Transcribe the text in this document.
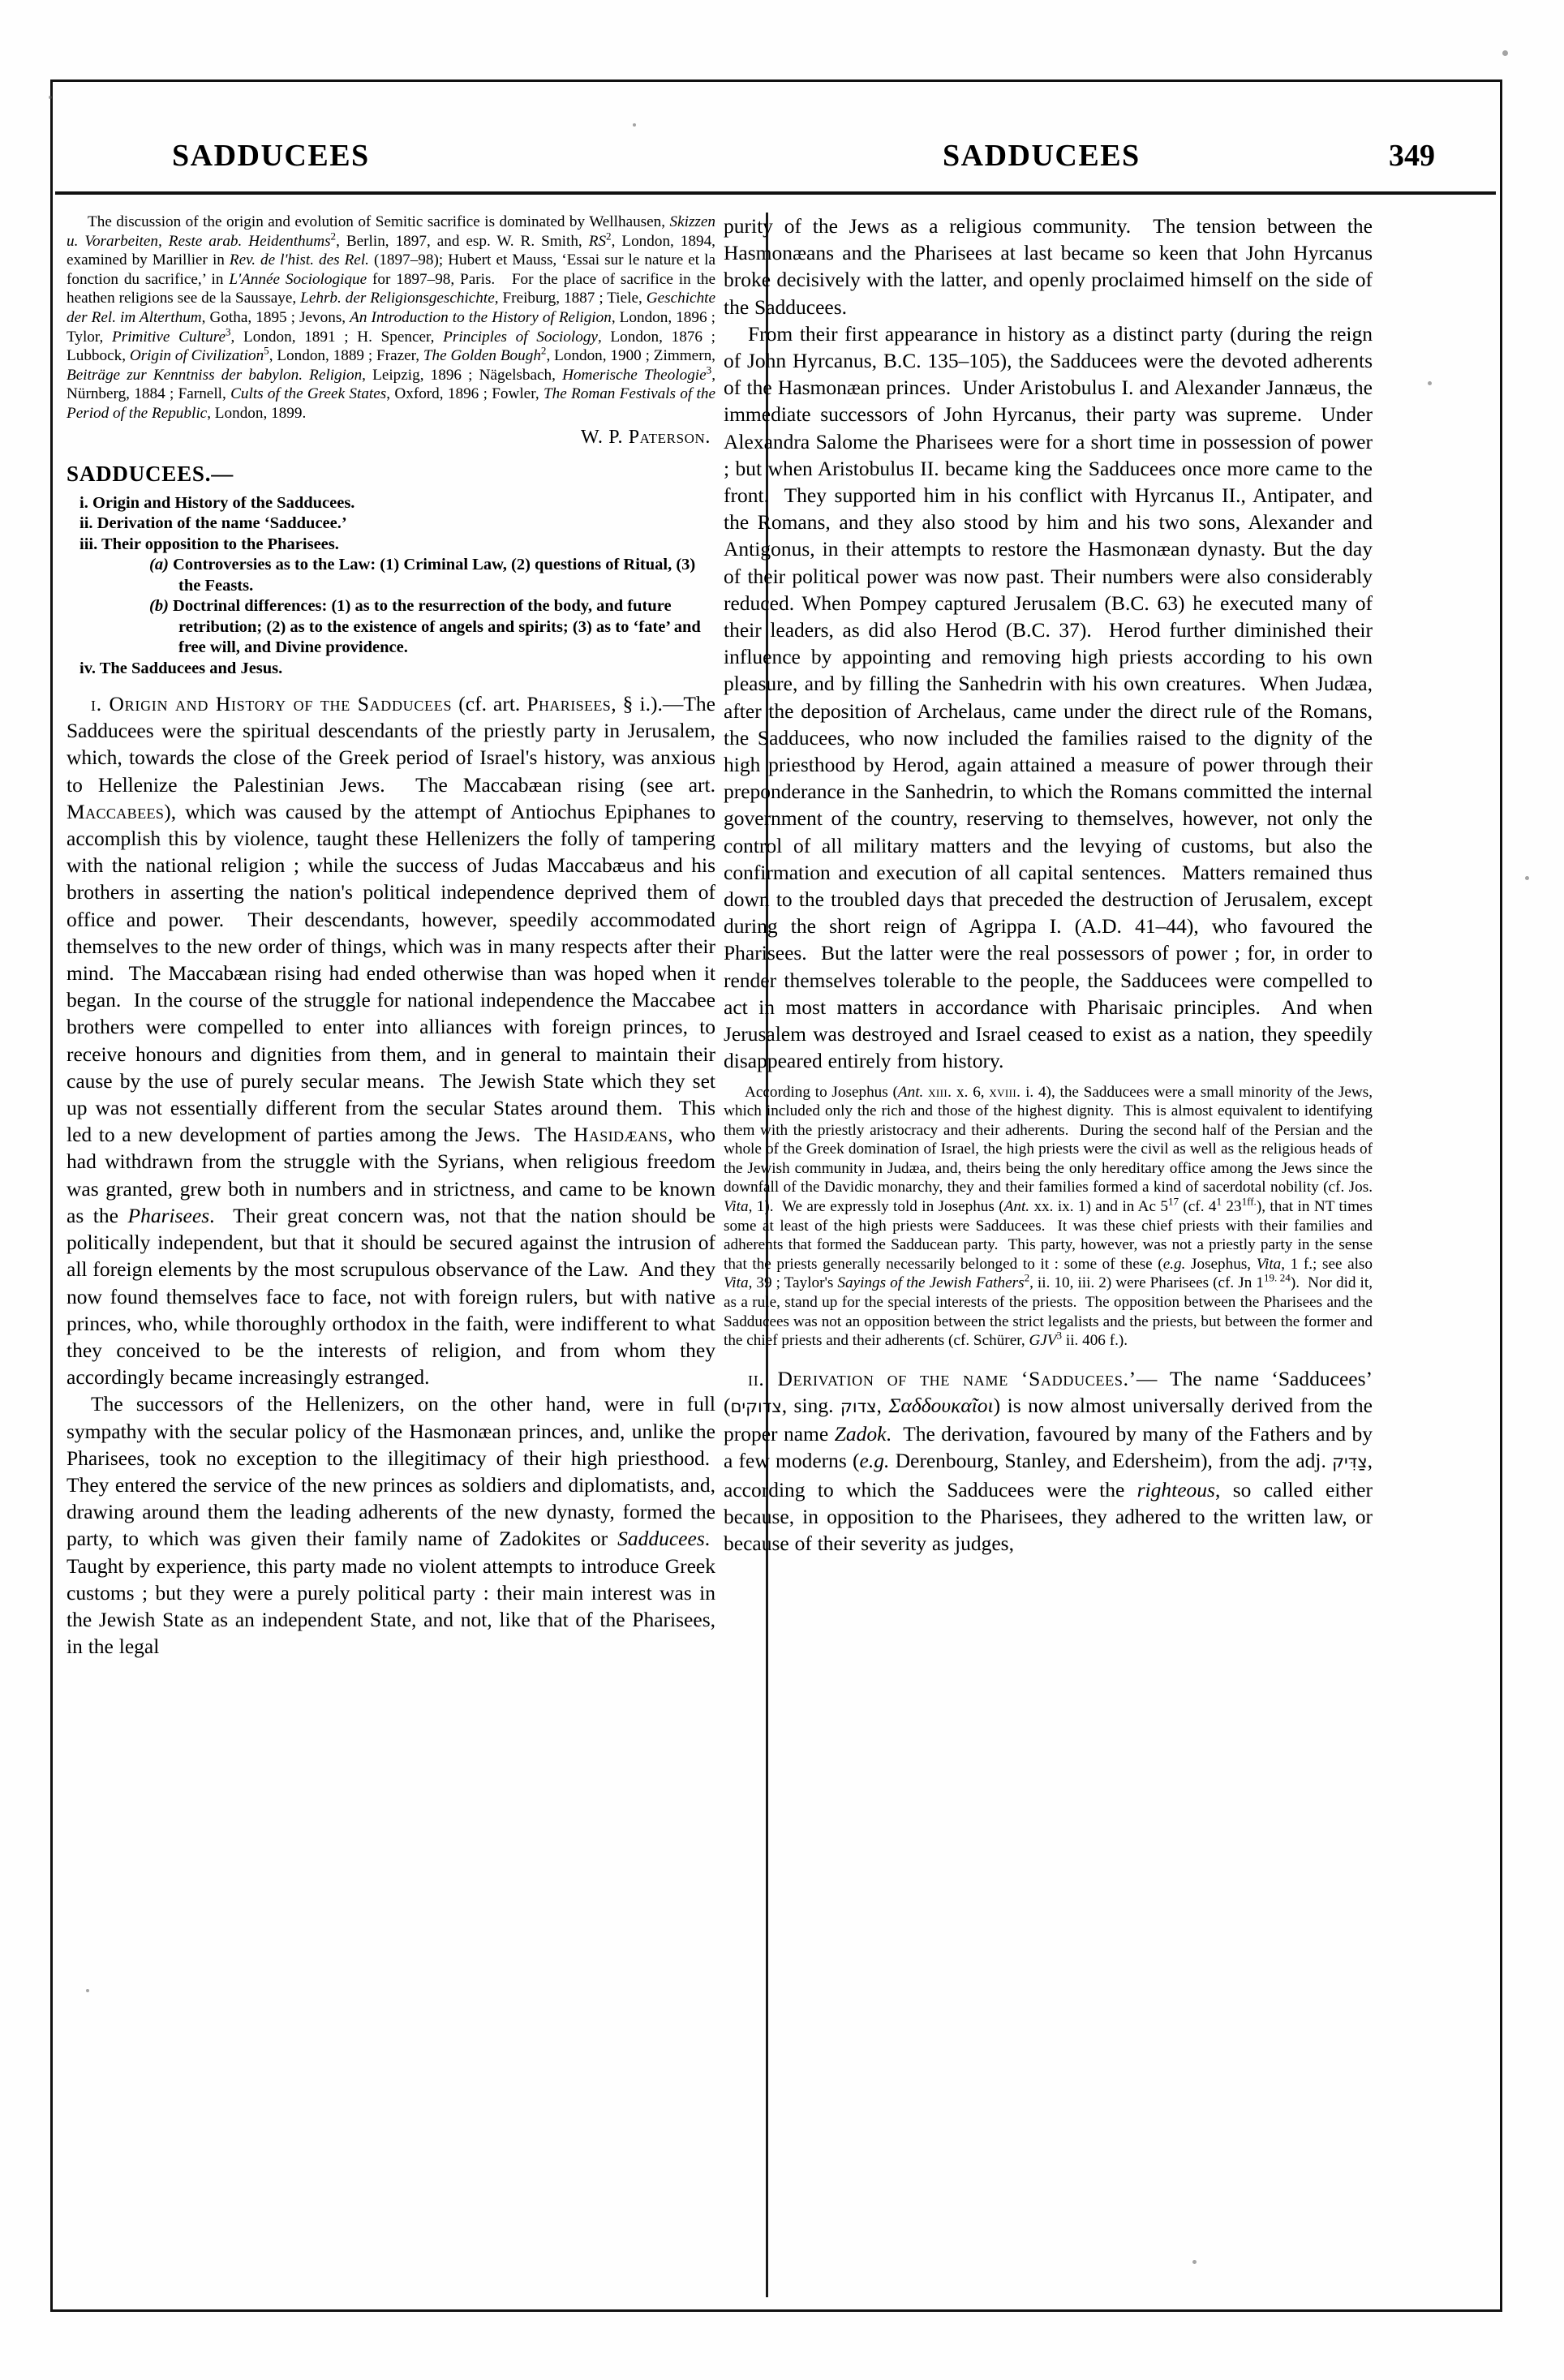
SADDUCEES	SADDUCEES	349

The discussion of the origin and evolution of Semitic sacrifice is dominated by Wellhausen, Skizzen u. Vorarbeiten, Reste arab. Heidenthums$^2$, Berlin, 1897, and esp. W. R. Smith, $RS^2$, London, 1894, examined by Marillier in Rev. de l'hist. des Rel. (1897–98); Hubert et Mauss, ‘Essai sur le nature et la fonction du sacrifice,’ in L'Année Sociologique for 1897–98, Paris.   For the place of sacrifice in the heathen religions see de la Saussaye, Lehrb. der Religionsgeschichte, Freiburg, 1887 ; Tiele, Geschichte der Rel. im Alterthum, Gotha, 1895 ; Jevons, An Introduction to the History of Religion, London, 1896 ; Tylor, Primitive Culture$^3$, London, 1891 ; H. Spencer, Principles of Sociology, London, 1876 ; Lubbock, Origin of Civilization$^5$, London, 1889 ; Frazer, The Golden Bough$^2$, London, 1900 ; Zimmern, Beiträge zur Kenntniss der babylon. Religion, Leipzig, 1896 ; Nägelsbach, Homerische Theologie$^3$, Nürnberg, 1884 ; Farnell, Cults of the Greek States, Oxford, 1896 ; Fowler, The Roman Festivals of the Period of the Republic, London, 1899.

W. P. Paterson.
SADDUCEES.—
i. Origin and History of the Sadducees.
ii. Derivation of the name ‘Sadducee.’
iii. Their opposition to the Pharisees.
(a) Controversies as to the Law: (1) Criminal Law, (2) questions of Ritual, (3) the Feasts.
(b) Doctrinal differences: (1) as to the resurrection of the body, and future retribution; (2) as to the existence of angels and spirits; (3) as to ‘fate’ and free will, and Divine providence.
iv. The Sadducees and Jesus.

i. Origin and History of the Sadducees (cf. art. Pharisees, § i.).—The Sadducees were the spiritual descendants of the priestly party in Jerusalem, which, towards the close of the Greek period of Israel's history, was anxious to Hellenize the Palestinian Jews.  The Maccabæan rising (see art. Maccabees), which was caused by the attempt of Antiochus Epiphanes to accomplish this by violence, taught these Hellenizers the folly of tampering with the national religion ; while the success of Judas Maccabæus and his brothers in asserting the nation's political independence deprived them of office and power.  Their descendants, however, speedily accommodated themselves to the new order of things, which was in many respects after their mind.  The Maccabæan rising had ended otherwise than was hoped when it began.  In the course of the struggle for national independence the Maccabee brothers were compelled to enter into alliances with foreign princes, to receive honours and dignities from them, and in general to maintain their cause by the use of purely secular means.  The Jewish State which they set up was not essentially different from the secular States around them.  This led to a new development of parties among the Jews.  The Hasidæans, who had withdrawn from the struggle with the Syrians, when religious freedom was granted, grew both in numbers and in strictness, and came to be known as the Pharisees.  Their great concern was, not that the nation should be politically independent, but that it should be secured against the intrusion of all foreign elements by the most scrupulous observance of the Law.  And they now found themselves face to face, not with foreign rulers, but with native princes, who, while thoroughly orthodox in the faith, were indifferent to what they conceived to be the interests of religion, and from whom they accordingly became increasingly estranged.

The successors of the Hellenizers, on the other hand, were in full sympathy with the secular policy of the Hasmonæan princes, and, unlike the Pharisees, took no exception to the illegitimacy of their high priesthood.  They entered the service of the new princes as soldiers and diplomatists, and, drawing around them the leading adherents of the new dynasty, formed the party, to which was given their family name of Zadokites or Sadducees.  Taught by experience, this party made no violent attempts to introduce Greek customs ; but they were a purely political party : their main interest was in the Jewish State as an independent State, and not, like that of the Pharisees, in the legal

purity of the Jews as a religious community.  The tension between the Hasmonæans and the Pharisees at last became so keen that John Hyrcanus broke decisively with the latter, and openly proclaimed himself on the side of the Sadducees.

From their first appearance in history as a distinct party (during the reign of John Hyrcanus, B.C. 135–105), the Sadducees were the devoted adherents of the Hasmonæan princes.  Under Aristobulus I. and Alexander Jannæus, the immediate successors of John Hyrcanus, their party was supreme.  Under Alexandra Salome the Pharisees were for a short time in possession of power ; but when Aristobulus II. became king the Sadducees once more came to the front.  They supported him in his conflict with Hyrcanus II., Antipater, and the Romans, and they also stood by him and his two sons, Alexander and Antigonus, in their attempts to restore the Hasmonæan dynasty. But the day of their political power was now past. Their numbers were also considerably reduced. When Pompey captured Jerusalem (B.C. 63) he executed many of their leaders, as did also Herod (B.C. 37).  Herod further diminished their influence by appointing and removing high priests according to his own pleasure, and by filling the Sanhedrin with his own creatures.  When Judæa, after the deposition of Archelaus, came under the direct rule of the Romans, the Sadducees, who now included the families raised to the dignity of the high priesthood by Herod, again attained a measure of power through their preponderance in the Sanhedrin, to which the Romans committed the internal government of the country, reserving to themselves, however, not only the control of all military matters and the levying of customs, but also the confirmation and execution of all capital sentences.  Matters remained thus down to the troubled days that preceded the destruction of Jerusalem, except during the short reign of Agrippa I. (A.D. 41–44), who favoured the Pharisees.  But the latter were the real possessors of power ; for, in order to render themselves tolerable to the people, the Sadducees were compelled to act in most matters in accordance with Pharisaic principles.  And when Jerusalem was destroyed and Israel ceased to exist as a nation, they speedily disappeared entirely from history.

According to Josephus (Ant. xiii. x. 6, xviii. i. 4), the Sadducees were a small minority of the Jews, which included only the rich and those of the highest dignity.  This is almost equivalent to identifying them with the priestly aristocracy and their adherents.  During the second half of the Persian and the whole of the Greek domination of Israel, the high priests were the civil as well as the religious heads of the Jewish community in Judæa, and, theirs being the only hereditary office among the Jews since the downfall of the Davidic monarchy, they and their families formed a kind of sacerdotal nobility (cf. Jos. Vita, 1).  We are expressly told in Josephus (Ant. xx. ix. 1) and in Ac $5^{17}$ (cf. $4^1$ $23^{1ff.}$), that in NT times some at least of the high priests were Sadducees.  It was these chief priests with their families and adherents that formed the Sadducean party.  This party, however, was not a priestly party in the sense that the priests generally necessarily belonged to it : some of these (e.g. Josephus, Vita, 1 f.; see also Vita, 39 ; Taylor's Sayings of the Jewish Fathers$^2$, ii. 10, iii. 2) were Pharisees (cf. Jn $1^{19. 24}$).  Nor did it, as a rule, stand up for the special interests of the priests.  The opposition between the Pharisees and the Sadducees was not an opposition between the strict legalists and the priests, but between the former and the chief priests and their adherents (cf. Schürer, GJV$^3$ ii. 406 f.).

ii. Derivation of the name ‘Sadducees.’— The name ‘Sadducees’ (צדוקים, sing. צדוק, Σαδδουκαῖοι) is now almost universally derived from the proper name Zadok.  The derivation, favoured by many of the Fathers and by a few moderns (e.g. Derenbourg, Stanley, and Edersheim), from the adj. צַדִּיק, according to which the Sadducees were the righteous, so called either because, in opposition to the Pharisees, they adhered to the written law, or because of their severity as judges,
